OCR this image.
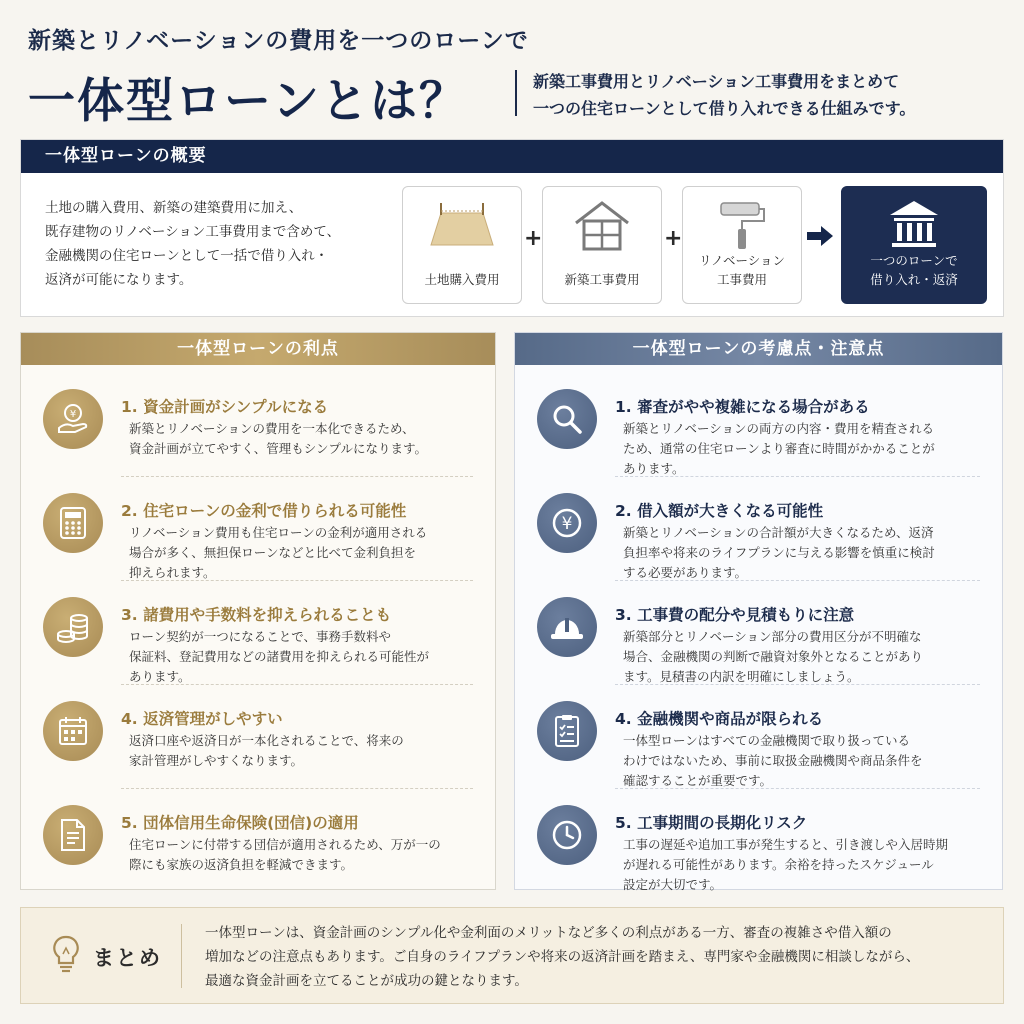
新築とリノベーションの費用を一つのローンで
一体型ローンとは？	新築工事費用とリノベーション工事費用をまとめて
一つの住宅ローンとして借り入れできる仕組みです。
一体型ローンの概要
土地の購入費用、新築の建築費用に加え、
既存建物のリノベーション工事費用まで含めて、
金融機関の住宅ローンとして一括で借り入れ・
返済が可能になります。	土地購入費用
+
新築工事費用
+
リノベーション
工事費用
一つのローンで
借り入れ・返済
一体型ローンの利点
¥	1. 資金計画がシンプルになる
新築とリノベーションの費用を一本化できるため、
資金計画が立てやすく、管理もシンプルになります。
2. 住宅ローンの金利で借りられる可能性
リノベーション費用も住宅ローンの金利が適用される
場合が多く、無担保ローンなどと比べて金利負担を
抑えられます。
3. 諸費用や手数料を抑えられることも
ローン契約が一つになることで、事務手数料や
保証料、登記費用などの諸費用を抑えられる可能性が
あります。
4. 返済管理がしやすい
返済口座や返済日が一本化されることで、将来の
家計管理がしやすくなります。
5. 団体信用生命保険(団信)の適用
住宅ローンに付帯する団信が適用されるため、万が一の
際にも家族の返済負担を軽減できます。
一体型ローンの考慮点・注意点
1. 審査がやや複雑になる場合がある
新築とリノベーションの両方の内容・費用を精査される
ため、通常の住宅ローンより審査に時間がかかることが
あります。
¥
2. 借入額が大きくなる可能性
新築とリノベーションの合計額が大きくなるため、返済
負担率や将来のライフプランに与える影響を慎重に検討
する必要があります。
3. 工事費の配分や見積もりに注意
新築部分とリノベーション部分の費用区分が不明確な
場合、金融機関の判断で融資対象外となることがあり
ます。見積書の内訳を明確にしましょう。
4. 金融機関や商品が限られる
一体型ローンはすべての金融機関で取り扱っている
わけではないため、事前に取扱金融機関や商品条件を
確認することが重要です。
5. 工事期間の長期化リスク
工事の遅延や追加工事が発生すると、引き渡しや入居時期
が遅れる可能性があります。余裕を持ったスケジュール
設定が大切です。
まとめ
一体型ローンは、資金計画のシンプル化や金利面のメリットなど多くの利点がある一方、審査の複雑さや借入額の
増加などの注意点もあります。ご自身のライフプランや将来の返済計画を踏まえ、専門家や金融機関に相談しながら、
最適な資金計画を立てることが成功の鍵となります。
